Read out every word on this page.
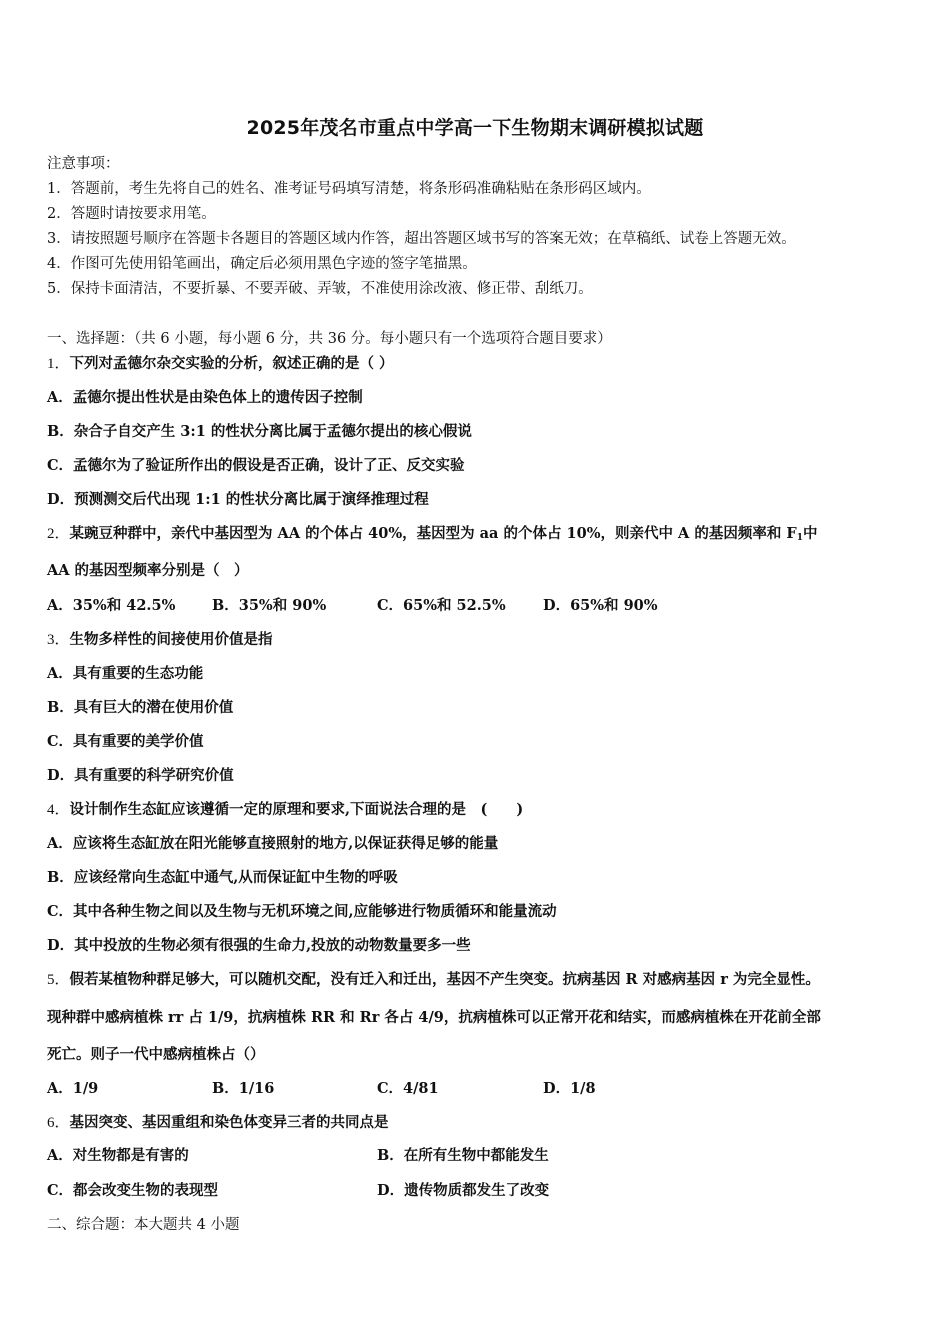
2025年茂名市重点中学高一下生物期末调研模拟试题
注意事项：
1．答题前，考生先将自己的姓名、准考证号码填写清楚，将条形码准确粘贴在条形码区域内。
2．答题时请按要求用笔。
3．请按照题号顺序在答题卡各题目的答题区域内作答，超出答题区域书写的答案无效；在草稿纸、试卷上答题无效。
4．作图可先使用铅笔画出，确定后必须用黑色字迹的签字笔描黑。
5．保持卡面清洁，不要折暴、不要弄破、弄皱，不准使用涂改液、修正带、刮纸刀。
一、选择题：（共 6 小题，每小题 6 分，共 36 分。每小题只有一个选项符合题目要求）
1．下列对孟德尔杂交实验的分析，叙述正确的是（ ）
A．孟德尔提出性状是由染色体上的遗传因子控制
B．杂合子自交产生 3:1 的性状分离比属于孟德尔提出的核心假说
C．孟德尔为了验证所作出的假设是否正确，设计了正、反交实验
D．预测测交后代出现 1:1 的性状分离比属于演绎推理过程
2．某豌豆种群中，亲代中基因型为 AA 的个体占 40%，基因型为 aa 的个体占 10%，则亲代中 A 的基因频率和 $F_1$中
AA 的基因型频率分别是（　）
A．35%和 42.5%	B．35%和 90%	C．65%和 52.5%	D．65%和 90%
3．生物多样性的间接使用价值是指
A．具有重要的生态功能
B．具有巨大的潜在使用价值
C．具有重要的美学价值
D．具有重要的科学研究价值
4．设计制作生态缸应该遵循一定的原理和要求,下面说法合理的是　(　　)
A．应该将生态缸放在阳光能够直接照射的地方,以保证获得足够的能量
B．应该经常向生态缸中通气,从而保证缸中生物的呼吸
C．其中各种生物之间以及生物与无机环境之间,应能够进行物质循环和能量流动
D．其中投放的生物必须有很强的生命力,投放的动物数量要多一些
5．假若某植物种群足够大，可以随机交配，没有迁入和迁出，基因不产生突变。抗病基因 R 对感病基因 r 为完全显性。
现种群中感病植株 rr 占 1/9，抗病植株 RR 和 Rr 各占 4/9，抗病植株可以正常开花和结实，而感病植株在开花前全部
死亡。则子一代中感病植株占（）
A．1/9	B．1/16	C．4/81	D．1/8
6．基因突变、基因重组和染色体变异三者的共同点是
A．对生物都是有害的	B．在所有生物中都能发生
C．都会改变生物的表现型	D．遗传物质都发生了改变
二、综合题：本大题共 4 小题
